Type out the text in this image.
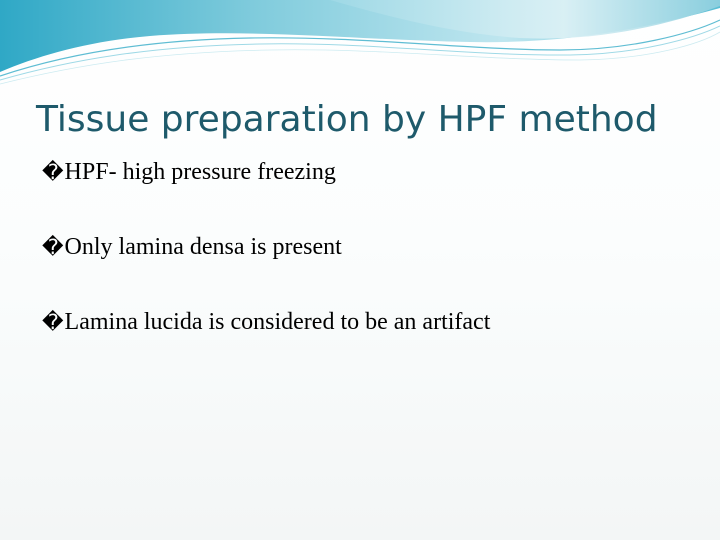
Tissue preparation by HPF method
� HPF- high pressure freezing
� Only lamina densa is present
� Lamina lucida is considered to be an artifact
